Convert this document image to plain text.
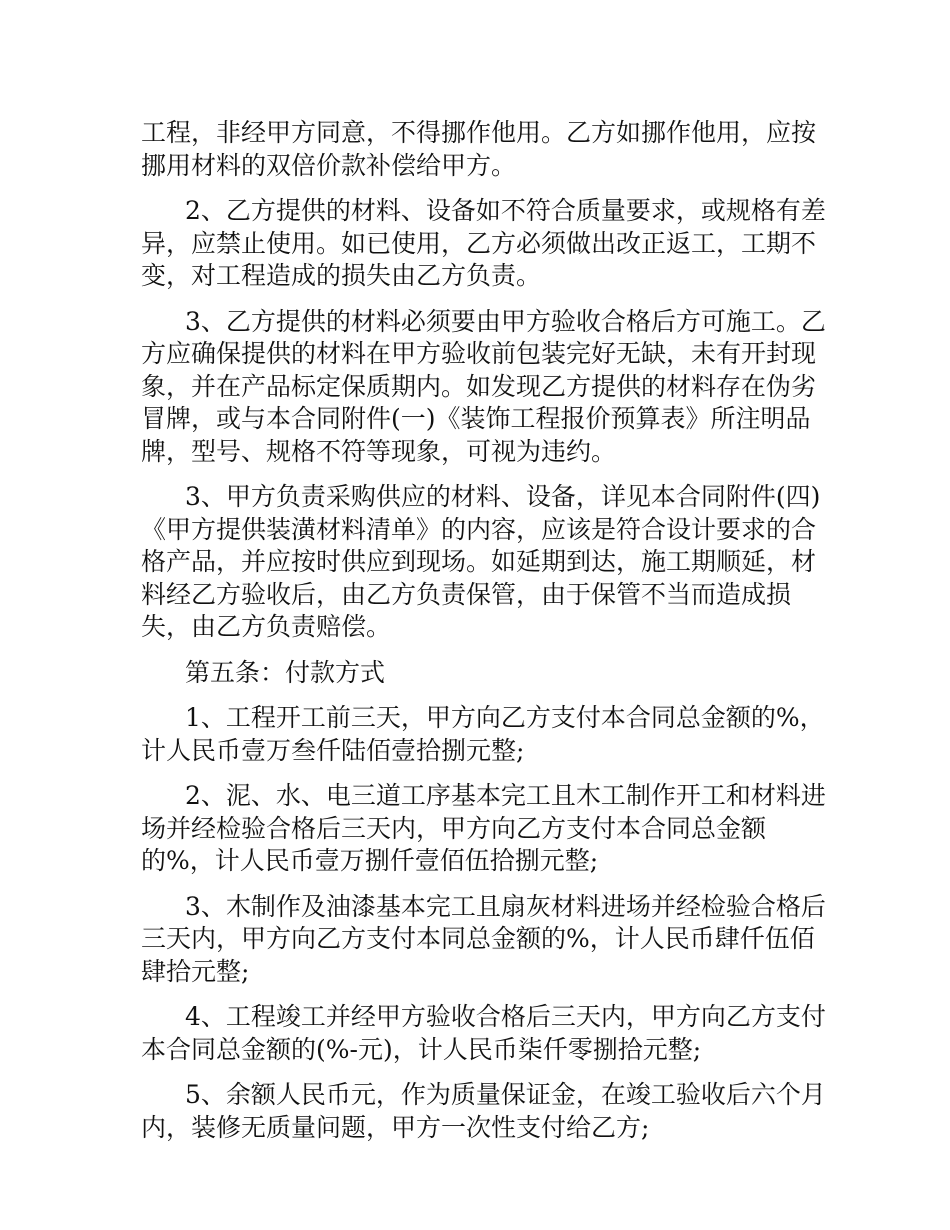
工程，非经甲方同意，不得挪作他用。乙方如挪作他用，应按挪用材料的双倍价款补偿给甲方。

2、乙方提供的材料、设备如不符合质量要求，或规格有差异，应禁止使用。如已使用，乙方必须做出改正返工，工期不变，对工程造成的损失由乙方负责。

3、乙方提供的材料必须要由甲方验收合格后方可施工。乙方应确保提供的材料在甲方验收前包装完好无缺，未有开封现象，并在产品标定保质期内。如发现乙方提供的材料存在伪劣冒牌，或与本合同附件(一)《装饰工程报价预算表》所注明品牌，型号、规格不符等现象，可视为违约。

3、甲方负责采购供应的材料、设备，详见本合同附件(四)《甲方提供装潢材料清单》的内容，应该是符合设计要求的合格产品，并应按时供应到现场。如延期到达，施工期顺延，材料经乙方验收后，由乙方负责保管，由于保管不当而造成损失，由乙方负责赔偿。

第五条：付款方式

1、工程开工前三天，甲方向乙方支付本合同总金额的%，计人民币壹万叁仟陆佰壹拾捌元整;

2、泥、水、电三道工序基本完工且木工制作开工和材料进场并经检验合格后三天内，甲方向乙方支付本合同总金额的%，计人民币壹万捌仟壹佰伍拾捌元整;

3、木制作及油漆基本完工且扇灰材料进场并经检验合格后三天内，甲方向乙方支付本同总金额的%，计人民币肆仟伍佰肆拾元整;

4、工程竣工并经甲方验收合格后三天内，甲方向乙方支付本合同总金额的(%-元)，计人民币柒仟零捌拾元整;

5、余额人民币元，作为质量保证金，在竣工验收后六个月内，装修无质量问题，甲方一次性支付给乙方;
